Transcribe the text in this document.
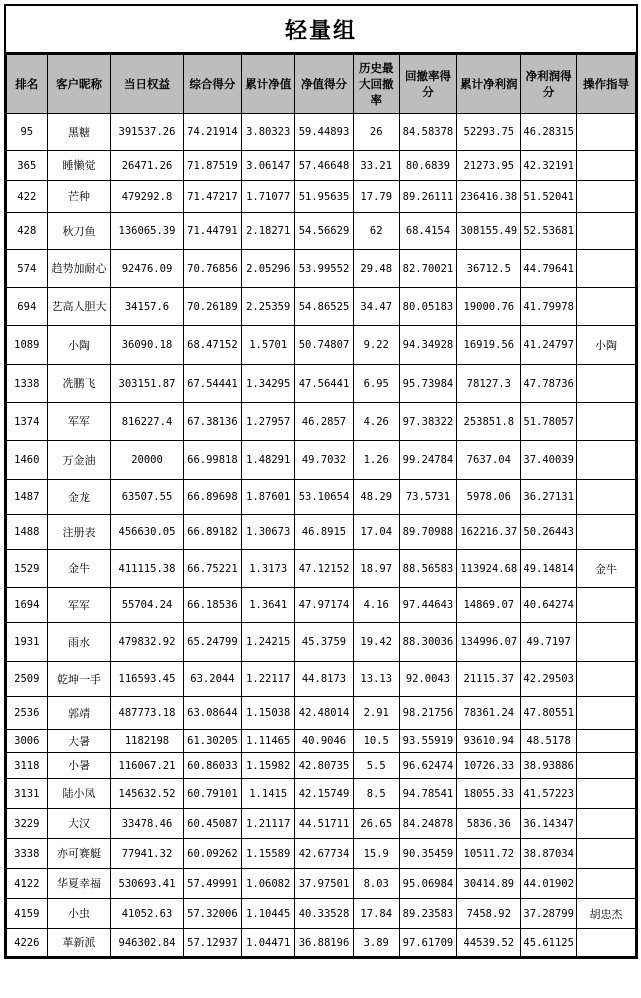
轻量组
排名	客户昵称	当日权益	综合得分	累计净值	净值得分	历史最大回撤率	回撤率得分	累计净利润	净利润得分	操作指导
95	黑糖	391537.26	74.21914	3.80323	59.44893	26	84.58378	52293.75	46.28315	
365	睡懒觉	26471.26	71.87519	3.06147	57.46648	33.21	80.6839	21273.95	42.32191	
422	芒种	479292.8	71.47217	1.71077	51.95635	17.79	89.26111	236416.38	51.52041	
428	秋刀鱼	136065.39	71.44791	2.18271	54.56629	62	68.4154	308155.49	52.53681	
574	趋势加耐心	92476.09	70.76856	2.05296	53.99552	29.48	82.70021	36712.5	44.79641	
694	艺高人胆大	34157.6	70.26189	2.25359	54.86525	34.47	80.05183	19000.76	41.79978	
1089	小陶	36090.18	68.47152	1.5701	50.74807	9.22	94.34928	16919.56	41.24797	小陶
1338	冼鹏飞	303151.87	67.54441	1.34295	47.56441	6.95	95.73984	78127.3	47.78736	
1374	军军	816227.4	67.38136	1.27957	46.2857	4.26	97.38322	253851.8	51.78057	
1460	万金油	20000	66.99818	1.48291	49.7032	1.26	99.24784	7637.04	37.40039	
1487	金龙	63507.55	66.89698	1.87601	53.10654	48.29	73.5731	5978.06	36.27131	
1488	注册表	456630.05	66.89182	1.30673	46.8915	17.04	89.70988	162216.37	50.26443	
1529	金牛	411115.38	66.75221	1.3173	47.12152	18.97	88.56583	113924.68	49.14814	金牛
1694	军军	55704.24	66.18536	1.3641	47.97174	4.16	97.44643	14869.07	40.64274	
1931	雨水	479832.92	65.24799	1.24215	45.3759	19.42	88.30036	134996.07	49.7197	
2509	乾坤一手	116593.45	63.2044	1.22117	44.8173	13.13	92.0043	21115.37	42.29503	
2536	郭靖	487773.18	63.08644	1.15038	42.48014	2.91	98.21756	78361.24	47.80551	
3006	大暑	1182198	61.30205	1.11465	40.9046	10.5	93.55919	93610.94	48.5178	
3118	小暑	116067.21	60.86033	1.15982	42.80735	5.5	96.62474	10726.33	38.93886	
3131	陆小凤	145632.52	60.79101	1.1415	42.15749	8.5	94.78541	18055.33	41.57223	
3229	大汉	33478.46	60.45087	1.21117	44.51711	26.65	84.24878	5836.36	36.14347	
3338	亦可赛艇	77941.32	60.09262	1.15589	42.67734	15.9	90.35459	10511.72	38.87034	
4122	华夏幸福	530693.41	57.49991	1.06082	37.97501	8.03	95.06984	30414.89	44.01902	
4159	小虫	41052.63	57.32006	1.10445	40.33528	17.84	89.23583	7458.92	37.28799	胡忠杰
4226	革新派	946302.84	57.12937	1.04471	36.88196	3.89	97.61709	44539.52	45.61125	
